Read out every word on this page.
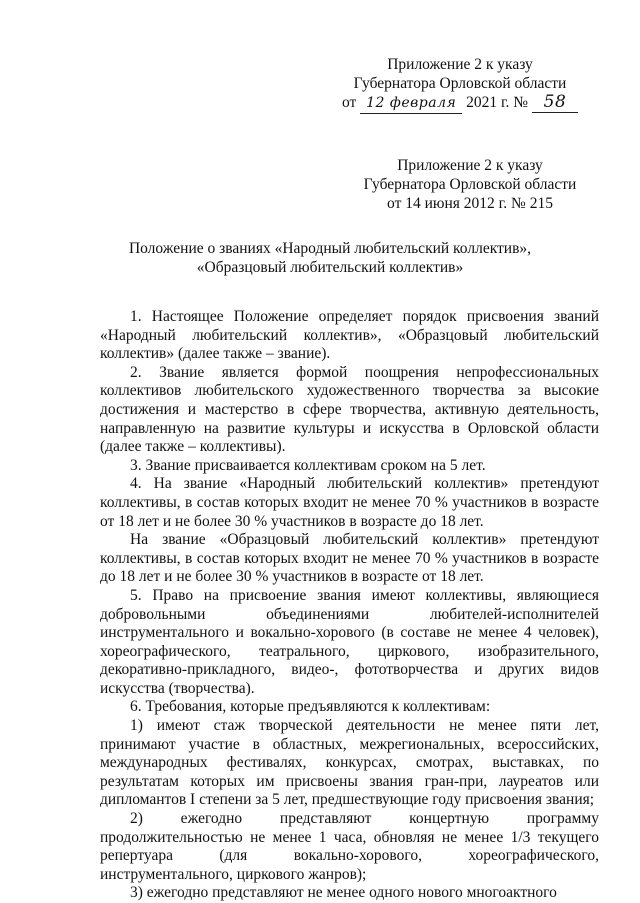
Приложение 2 к указу
Губернатора Орловской области
от 12 февраля 2021 г. № 58
Приложение 2 к указу
Губернатора Орловской области
от 14 июня 2012 г. № 215
Положение о званиях «Народный любительский коллектив»,
«Образцовый любительский коллектив»

1. Настоящее Положение определяет порядок присвоения званий «Народный любительский коллектив», «Образцовый любительский коллектив» (далее также – звание).

2. Звание является формой поощрения непрофессиональных коллективов любительского художественного творчества за высокие достижения и мастерство в сфере творчества, активную деятельность, направленную на развитие культуры и искусства в Орловской области (далее также – коллективы).

3. Звание присваивается коллективам сроком на 5 лет.

4. На звание «Народный любительский коллектив» претендуют коллективы, в состав которых входит не менее 70 % участников в возрасте от 18 лет и не более 30 % участников в возрасте до 18 лет.

На звание «Образцовый любительский коллектив» претендуют коллективы, в состав которых входит не менее 70 % участников в возрасте до 18 лет и не более 30 % участников в возрасте от 18 лет.

5. Право на присвоение звания имеют коллективы, являющиеся добровольными объединениями любителей-исполнителей инструментального и вокально-хорового (в составе не менее 4 человек), хореографического, театрального, циркового, изобразительного, декоративно-прикладного, видео-, фототворчества и других видов искусства (творчества).

6. Требования, которые предъявляются к коллективам:

1) имеют стаж творческой деятельности не менее пяти лет, принимают участие в областных, межрегиональных, всероссийских, международных фестивалях, конкурсах, смотрах, выставках, по результатам которых им присвоены звания гран-при, лауреатов или дипломантов I степени за 5 лет, предшествующие году присвоения звания;

2) ежегодно представляют концертную программу продолжительностью не менее 1 часа, обновляя не менее 1/3 текущего репертуара (для вокально-хорового, хореографического, инструментального, циркового жанров);

3) ежегодно представляют не менее одного нового многоактного
